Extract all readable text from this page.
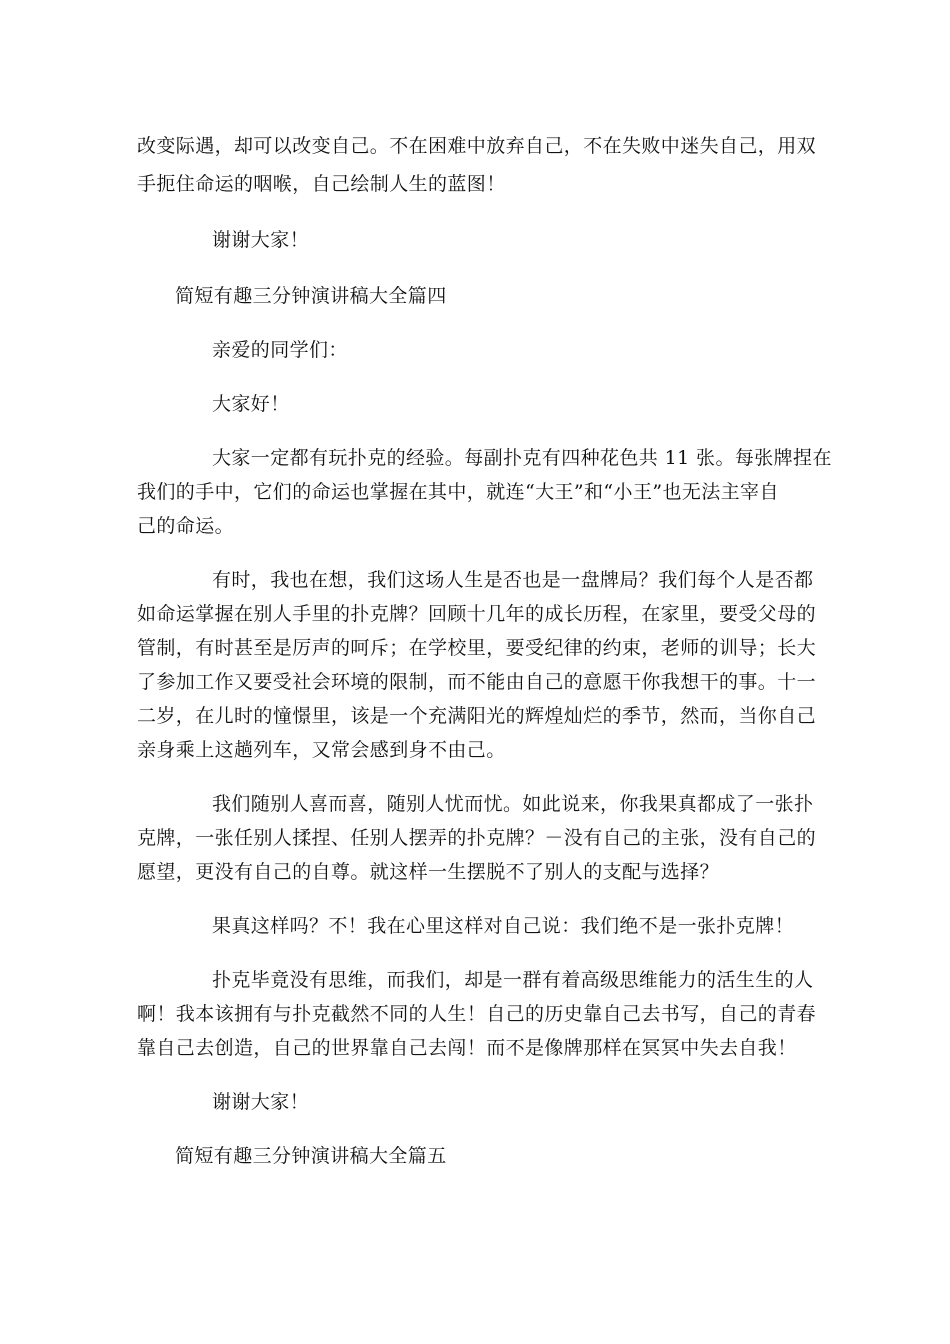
改变际遇，却可以改变自己。不在困难中放弃自己，不在失败中迷失自己，用双
手扼住命运的咽喉，自己绘制人生的蓝图！
谢谢大家！
简短有趣三分钟演讲稿大全篇四
亲爱的同学们：
大家好！
大家一定都有玩扑克的经验。每副扑克有四种花色共 11 张。每张牌捏在
我们的手中，它们的命运也掌握在其中，就连“大王”和“小王”也无法主宰自
己的命运。
有时，我也在想，我们这场人生是否也是一盘牌局？我们每个人是否都
如命运掌握在别人手里的扑克牌？回顾十几年的成长历程，在家里，要受父母的
管制，有时甚至是厉声的呵斥；在学校里，要受纪律的约束，老师的训导；长大
了参加工作又要受社会环境的限制，而不能由自己的意愿干你我想干的事。十一
二岁，在儿时的憧憬里，该是一个充满阳光的辉煌灿烂的季节，然而，当你自己
亲身乘上这趟列车，又常会感到身不由己。
我们随别人喜而喜，随别人忧而忧。如此说来，你我果真都成了一张扑
克牌，一张任别人揉捏、任别人摆弄的扑克牌？－没有自己的主张，没有自己的
愿望，更没有自己的自尊。就这样一生摆脱不了别人的支配与选择？
果真这样吗？不！我在心里这样对自己说：我们绝不是一张扑克牌！
扑克毕竟没有思维，而我们，却是一群有着高级思维能力的活生生的人
啊！我本该拥有与扑克截然不同的人生！自己的历史靠自己去书写，自己的青春
靠自己去创造，自己的世界靠自己去闯！而不是像牌那样在冥冥中失去自我！
谢谢大家！
简短有趣三分钟演讲稿大全篇五
